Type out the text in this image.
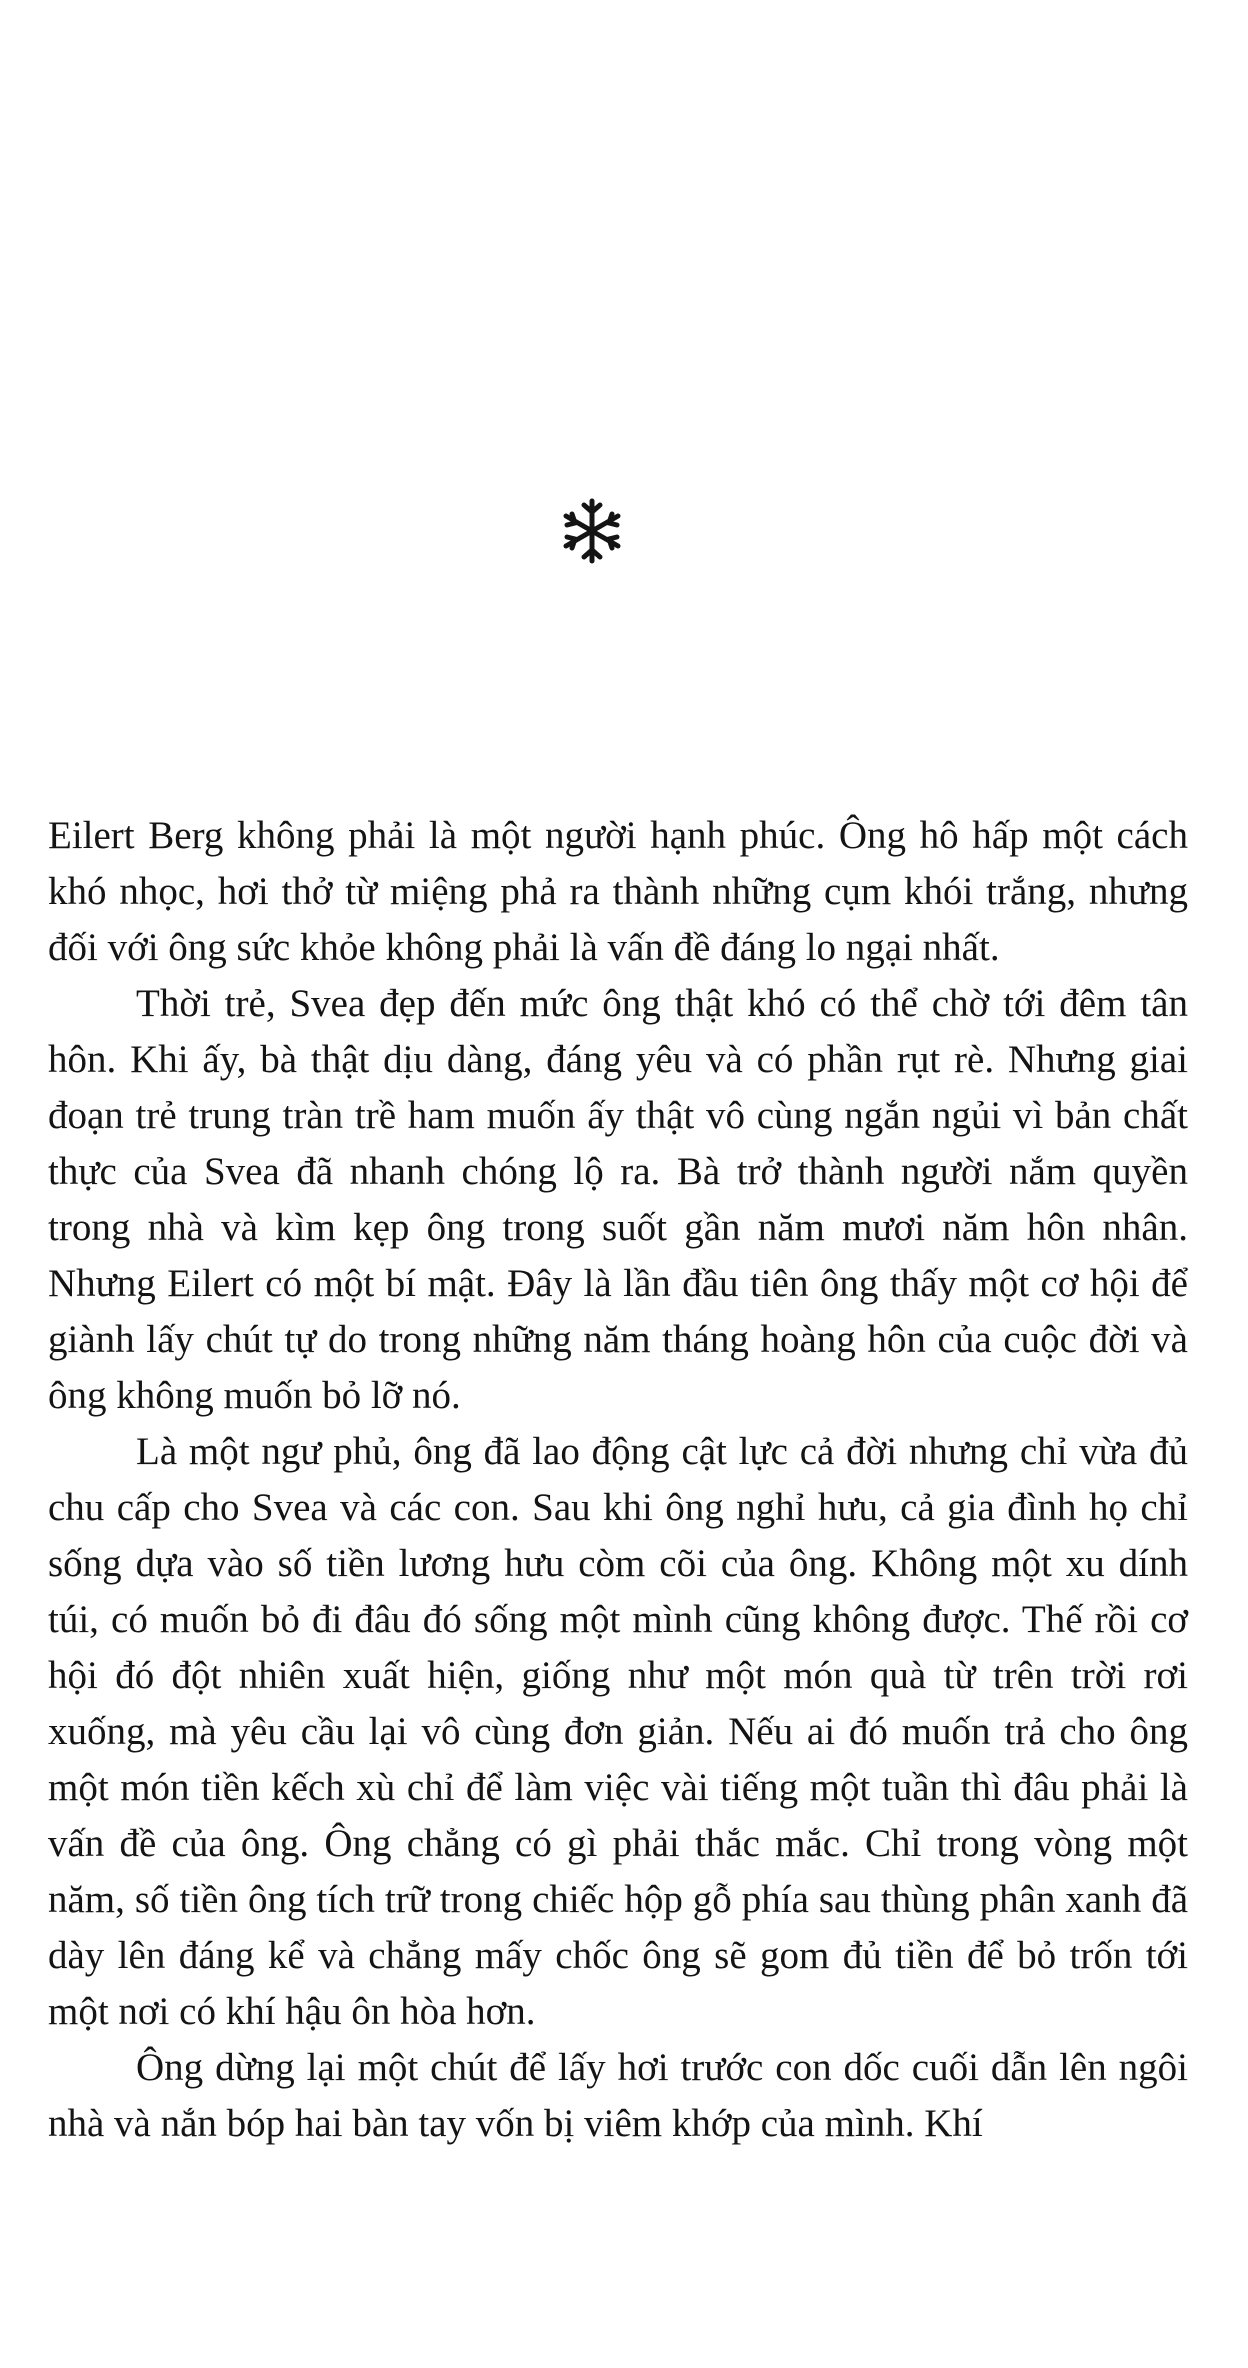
Eilert Berg không phải là một người hạnh phúc. Ông hô hấp một cách khó nhọc, hơi thở từ miệng phả ra thành những cụm khói trắng, nhưng đối với ông sức khỏe không phải là vấn đề đáng lo ngại nhất.

Thời trẻ, Svea đẹp đến mức ông thật khó có thể chờ tới đêm tân hôn. Khi ấy, bà thật dịu dàng, đáng yêu và có phần rụt rè. Nhưng giai đoạn trẻ trung tràn trề ham muốn ấy thật vô cùng ngắn ngủi vì bản chất thực của Svea đã nhanh chóng lộ ra. Bà trở thành người nắm quyền trong nhà và kìm kẹp ông trong suốt gần năm mươi năm hôn nhân. Nhưng Eilert có một bí mật. Đây là lần đầu tiên ông thấy một cơ hội để giành lấy chút tự do trong những năm tháng hoàng hôn của cuộc đời và ông không muốn bỏ lỡ nó.

Là một ngư phủ, ông đã lao động cật lực cả đời nhưng chỉ vừa đủ chu cấp cho Svea và các con. Sau khi ông nghỉ hưu, cả gia đình họ chỉ sống dựa vào số tiền lương hưu còm cõi của ông. Không một xu dính túi, có muốn bỏ đi đâu đó sống một mình cũng không được. Thế rồi cơ hội đó đột nhiên xuất hiện, giống như một món quà từ trên trời rơi xuống, mà yêu cầu lại vô cùng đơn giản. Nếu ai đó muốn trả cho ông một món tiền kếch xù chỉ để làm việc vài tiếng một tuần thì đâu phải là vấn đề của ông. Ông chẳng có gì phải thắc mắc. Chỉ trong vòng một năm, số tiền ông tích trữ trong chiếc hộp gỗ phía sau thùng phân xanh đã dày lên đáng kể và chẳng mấy chốc ông sẽ gom đủ tiền để bỏ trốn tới một nơi có khí hậu ôn hòa hơn.

Ông dừng lại một chút để lấy hơi trước con dốc cuối dẫn lên ngôi nhà và nắn bóp hai bàn tay vốn bị viêm khớp của mình. Khí
